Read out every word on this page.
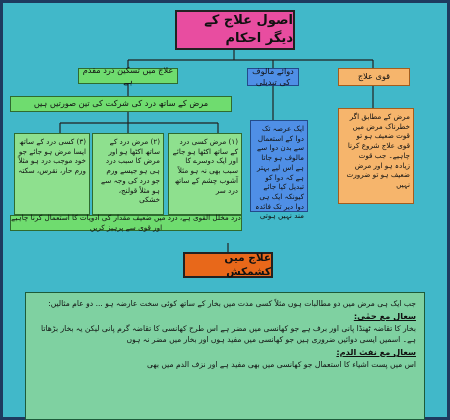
اصول علاج کے دیگر احکام
قوی علاج
دوائے مالوف کی تبدیلی
علاج میں تسکین درد مقدم ہے
مرض کے ساتھ درد کی شرکت کی تین صورتیں ہیں
(۳) کسی درد کے ساتھ ایسا مرض ہو جائے جو خود موجب درد ہو مثلاً ورم حار، نقرس، سکتہ
(۲) مرض درد کے ساتھ اکٹھا ہو اور مرض کا سبب درد ہی ہو جیسے ورم جو درد کی وجہ سے ہو مثلاً قولنج، خشکی
(۱) مرض کسی درد کے ساتھ اکٹھا ہو جائے اور ایک دوسرے کا سبب بھی نہ ہو مثلاً آشوب چشم کے ساتھ درد سر
ایک عرصہ تک دوا کے استعمال سے بدن دوا سے مالوف ہو جاتا ہے اس لیے بہتر ہے کہ دوا کو تبدیل کیا جائے کیونکہ ایک ہی دوا دیر تک فائدہ مند نہیں ہوتی
مرض کے مطابق اگر خطرناک مرض میں قوت ضعیف ہو تو قوی علاج شروع کرنا چاہیے۔ جب قوت زیادہ ہو اور مرض ضعیف ہو تو ضرورت نہیں
درد مخلل القوی ہے، درد میں ضعیف مقدار کی ادویات کا استعمال کرنا چاہیے اور قوی سے پرہیز کریں
علاج میں کشمکش

جب ایک ہی مرض میں دو مطالبات ہوں مثلاً کسی مدت میں بخار کے ساتھ کوئی سخت عارضہ ہو ... دو عام مثالیں:

سعال مع حمٰی:

بخار کا تقاضہ ٹھنڈا پانی اور برف ہے جو کھانسی میں مضر ہے اس طرح کھانسی کا تقاضہ گرم پانی لیکن یہ بخار بڑھاتا ہے۔ اسمیں ایسی دوائیں ضروری ہیں جو کھانسی میں مفید ہوں اور بخار میں مضر نہ ہوں

سعال مع نفث الدم:

اس میں پست اشیاء کا استعمال جو کھانسی میں بھی مفید ہے اور نزف الدم میں بھی
